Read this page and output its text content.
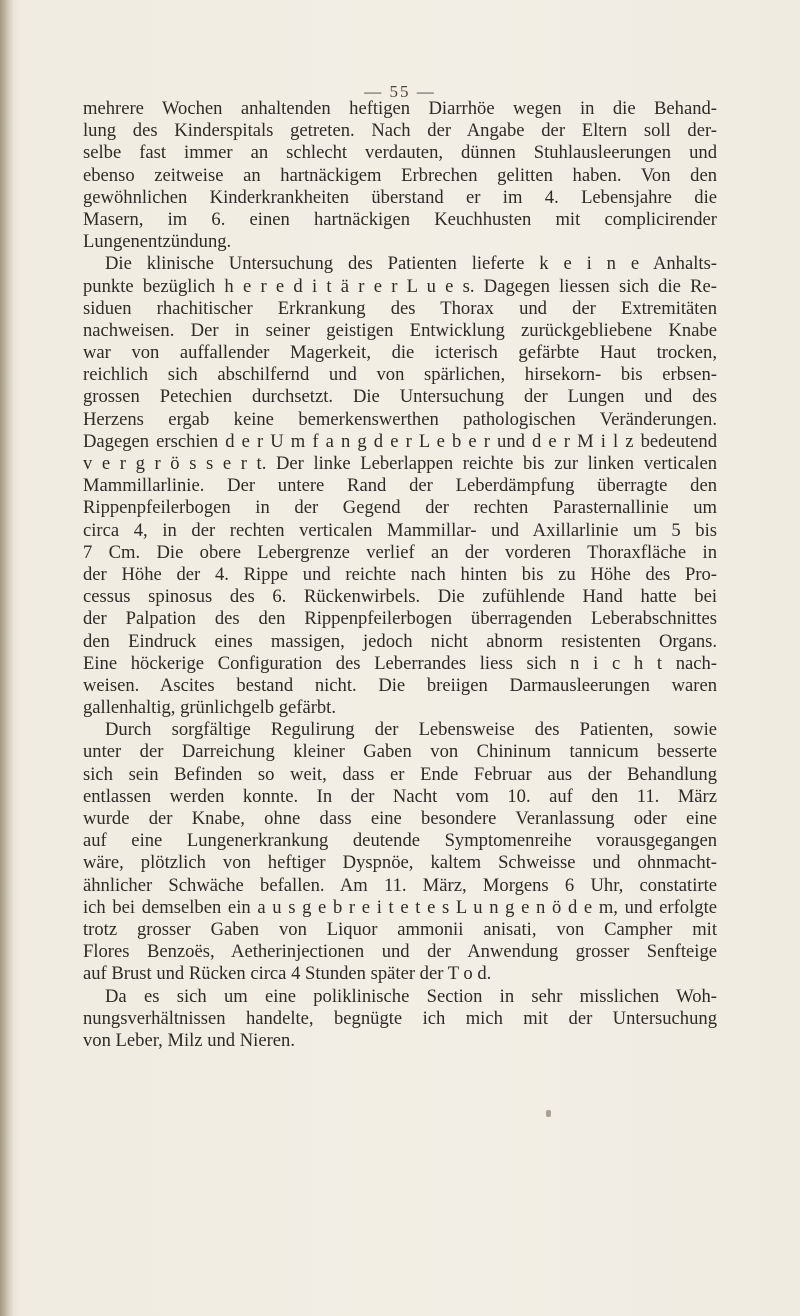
— 55 —
mehrere Wochen anhaltenden heftigen Diarrhöe wegen in die Behand-
lung des Kinderspitals getreten. Nach der Angabe der Eltern soll der-
selbe fast immer an schlecht verdauten, dünnen Stuhlausleerungen und
ebenso zeitweise an hartnäckigem Erbrechen gelitten haben. Von den
gewöhnlichen Kinderkrankheiten überstand er im 4. Lebensjahre die
Masern, im 6. einen hartnäckigen Keuchhusten mit complicirender
Lungenentzündung.
Die klinische Untersuchung des Patienten lieferte k e i n e Anhalts-
punkte bezüglich h e r e d i t ä r e r L u e s. Dagegen liessen sich die Re-
siduen rhachitischer Erkrankung des Thorax und der Extremitäten
nachweisen. Der in seiner geistigen Entwicklung zurückgebliebene Knabe
war von auffallender Magerkeit, die icterisch gefärbte Haut trocken,
reichlich sich abschilfernd und von spärlichen, hirsekorn- bis erbsen-
grossen Petechien durchsetzt. Die Untersuchung der Lungen und des
Herzens ergab keine bemerkenswerthen pathologischen Veränderungen.
Dagegen erschien d e r U m f a n g d e r L e b e r und d e r M i l z bedeutend
v e r g r ö s s e r t. Der linke Leberlappen reichte bis zur linken verticalen
Mammillarlinie. Der untere Rand der Leberdämpfung überragte den
Rippenpfeilerbogen in der Gegend der rechten Parasternallinie um
circa 4, in der rechten verticalen Mammillar- und Axillarlinie um 5 bis
7 Cm. Die obere Lebergrenze verlief an der vorderen Thoraxfläche in
der Höhe der 4. Rippe und reichte nach hinten bis zu Höhe des Pro-
cessus spinosus des 6. Rückenwirbels. Die zufühlende Hand hatte bei
der Palpation des den Rippenpfeilerbogen überragenden Leberabschnittes
den Eindruck eines massigen, jedoch nicht abnorm resistenten Organs.
Eine höckerige Configuration des Leberrandes liess sich n i c h t nach-
weisen. Ascites bestand nicht. Die breiigen Darmausleerungen waren
gallenhaltig, grünlichgelb gefärbt.
Durch sorgfältige Regulirung der Lebensweise des Patienten, sowie
unter der Darreichung kleiner Gaben von Chininum tannicum besserte
sich sein Befinden so weit, dass er Ende Februar aus der Behandlung
entlassen werden konnte. In der Nacht vom 10. auf den 11. März
wurde der Knabe, ohne dass eine besondere Veranlassung oder eine
auf eine Lungenerkrankung deutende Symptomenreihe vorausgegangen
wäre, plötzlich von heftiger Dyspnöe, kaltem Schweisse und ohnmacht-
ähnlicher Schwäche befallen. Am 11. März, Morgens 6 Uhr, constatirte
ich bei demselben ein a u s g e b r e i t e t e s L u n g e n ö d e m, und erfolgte
trotz grosser Gaben von Liquor ammonii anisati, von Campher mit
Flores Benzoës, Aetherinjectionen und der Anwendung grosser Senfteige
auf Brust und Rücken circa 4 Stunden später der T o d.
Da es sich um eine poliklinische Section in sehr misslichen Woh-
nungsverhältnissen handelte, begnügte ich mich mit der Untersuchung
von Leber, Milz und Nieren.
